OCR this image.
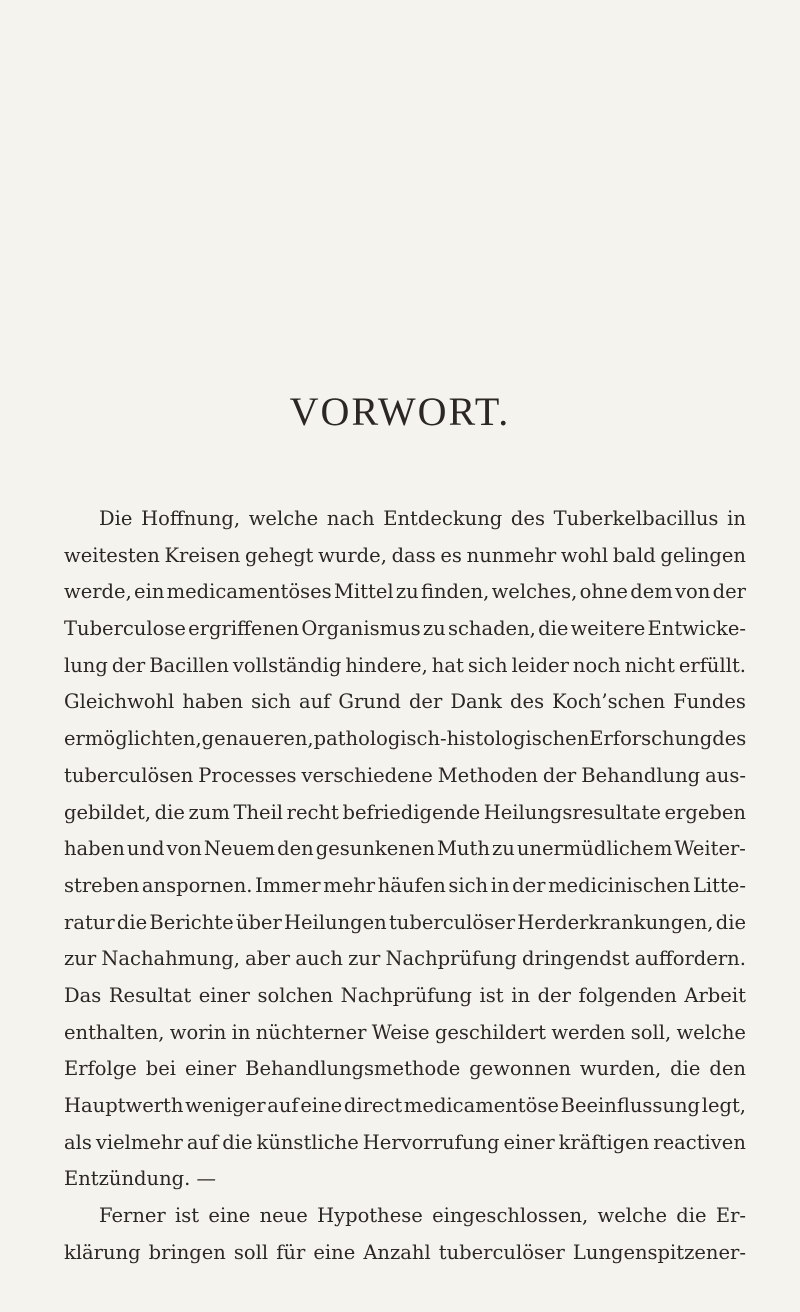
VORWORT.
Die Hoffnung, welche nach Entdeckung des Tuberkelbacillus in
weitesten Kreisen gehegt wurde, dass es nunmehr wohl bald gelingen
werde, ein medicamentöses Mittel zu finden, welches, ohne dem von der
Tuberculose ergriffenen Organismus zu schaden, die weitere Entwicke-
lung der Bacillen vollständig hindere, hat sich leider noch nicht erfüllt.
Gleichwohl haben sich auf Grund der Dank des Koch’schen Fundes
ermöglichten, genaueren, pathologisch-histologischen Erforschung des
tuberculösen Processes verschiedene Methoden der Behandlung aus-
gebildet, die zum Theil recht befriedigende Heilungsresultate ergeben
haben und von Neuem den gesunkenen Muth zu unermüdlichem Weiter-
streben anspornen. Immer mehr häufen sich in der medicinischen Litte-
ratur die Berichte über Heilungen tuberculöser Herderkrankungen, die
zur Nachahmung, aber auch zur Nachprüfung dringendst auffordern.
Das Resultat einer solchen Nachprüfung ist in der folgenden Arbeit
enthalten, worin in nüchterner Weise geschildert werden soll, welche
Erfolge bei einer Behandlungsmethode gewonnen wurden, die den
Hauptwerth weniger auf eine direct medicamentöse Beeinflussung legt,
als vielmehr auf die künstliche Hervorrufung einer kräftigen reactiven
Entzündung. —
Ferner ist eine neue Hypothese eingeschlossen, welche die Er-
klärung bringen soll für eine Anzahl tuberculöser Lungenspitzener-
